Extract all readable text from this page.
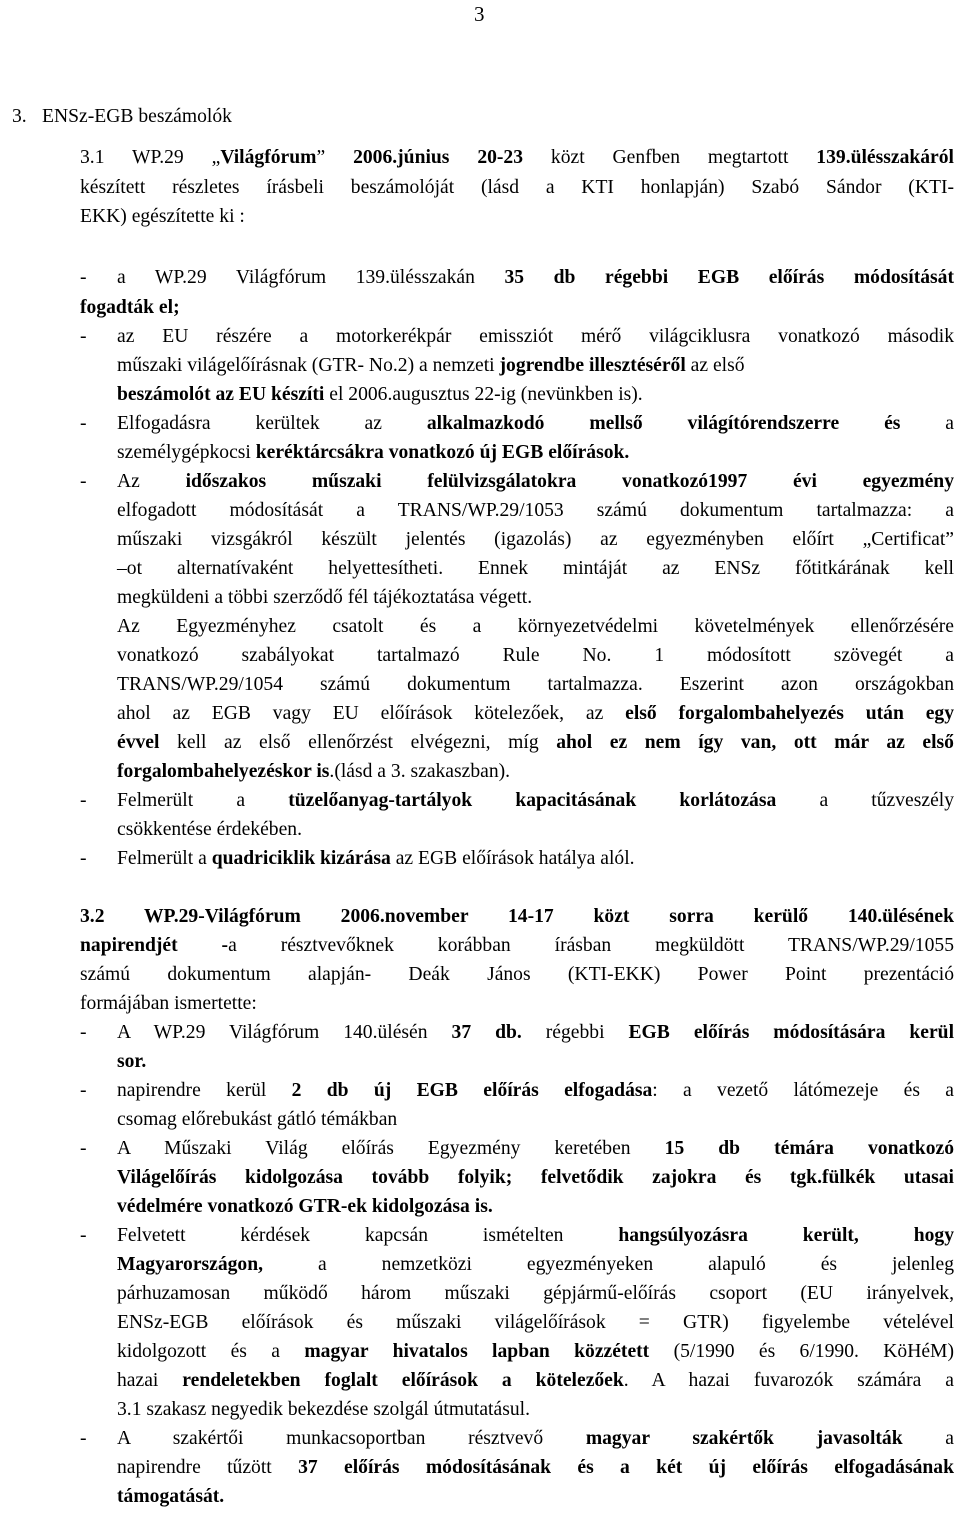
3
3. ENSz-EGB beszámolók
3.1 WP.29 „Világfórum” 2006.június 20-23 közt Genfben megtartott 139.ülésszakáról
készített részletes írásbeli beszámolóját (lásd a KTI honlapján) Szabó Sándor (KTI-
EKK) egészítette ki :
- a WP.29 Világfórum 139.ülésszakán 35 db régebbi EGB előírás módosítását
fogadták el;
- az EU részére a motorkerékpár emissziót mérő világciklusra vonatkozó második
műszaki világelőírásnak (GTR- No.2) a nemzeti jogrendbe illesztéséről az első
beszámolót az EU készíti el 2006.augusztus 22-ig (nevünkben is).
- Elfogadásra kerültek az alkalmazkodó mellső világítórendszerre és a
személygépkocsi keréktárcsákra vonatkozó új EGB előírások.
- Az időszakos műszaki felülvizsgálatokra vonatkozó1997 évi egyezmény
elfogadott módosítását a TRANS/WP.29/1053 számú dokumentum tartalmazza: a
műszaki vizsgákról készült jelentés (igazolás) az egyezményben előírt „Certificat”
–ot alternatívaként helyettesítheti. Ennek mintáját az ENSz főtitkárának kell
megküldeni a többi szerződő fél tájékoztatása végett.
Az Egyezményhez csatolt és a környezetvédelmi követelmények ellenőrzésére
vonatkozó szabályokat tartalmazó Rule No. 1 módosított szövegét a
TRANS/WP.29/1054 számú dokumentum tartalmazza. Eszerint azon országokban
ahol az EGB vagy EU előírások kötelezőek, az első forgalombahelyezés után egy
évvel kell az első ellenőrzést elvégezni, míg ahol ez nem így van, ott már az első
forgalombahelyezéskor is.(lásd a 3. szakaszban).
- Felmerült a tüzelőanyag-tartályok kapacitásának korlátozása a tűzveszély
csökkentése érdekében.
- Felmerült a quadriciklik kizárása az EGB előírások hatálya alól.
3.2 WP.29-Világfórum 2006.november 14-17 közt sorra kerülő 140.ülésének
napirendjét -a résztvevőknek korábban írásban megküldött TRANS/WP.29/1055
számú dokumentum alapján- Deák János (KTI-EKK) Power Point prezentáció
formájában ismertette:
- A WP.29 Világfórum 140.ülésén 37 db. régebbi EGB előírás módosítására kerül
sor.
- napirendre kerül 2 db új EGB előírás elfogadása: a vezető látómezeje és a
csomag előrebukást gátló témákban
- A Műszaki Világ előírás Egyezmény keretében 15 db témára vonatkozó
Világelőírás kidolgozása tovább folyik; felvetődik zajokra és tgk.fülkék utasai
védelmére vonatkozó GTR-ek kidolgozása is.
- Felvetett kérdések kapcsán ismételten hangsúlyozásra került, hogy
Magyarországon, a nemzetközi egyezményeken alapuló és jelenleg
párhuzamosan működő három műszaki gépjármű-előírás csoport (EU irányelvek,
ENSz-EGB előírások és műszaki világelőírások = GTR) figyelembe vételével
kidolgozott és a magyar hivatalos lapban közzétett (5/1990 és 6/1990. KöHéM)
hazai rendeletekben foglalt előírások a kötelezőek. A hazai fuvarozók számára a
3.1 szakasz negyedik bekezdése szolgál útmutatásul.
- A szakértői munkacsoportban résztvevő magyar szakértők javasolták a
napirendre tűzött 37 előírás módosításának és a két új előírás elfogadásának
támogatását.
